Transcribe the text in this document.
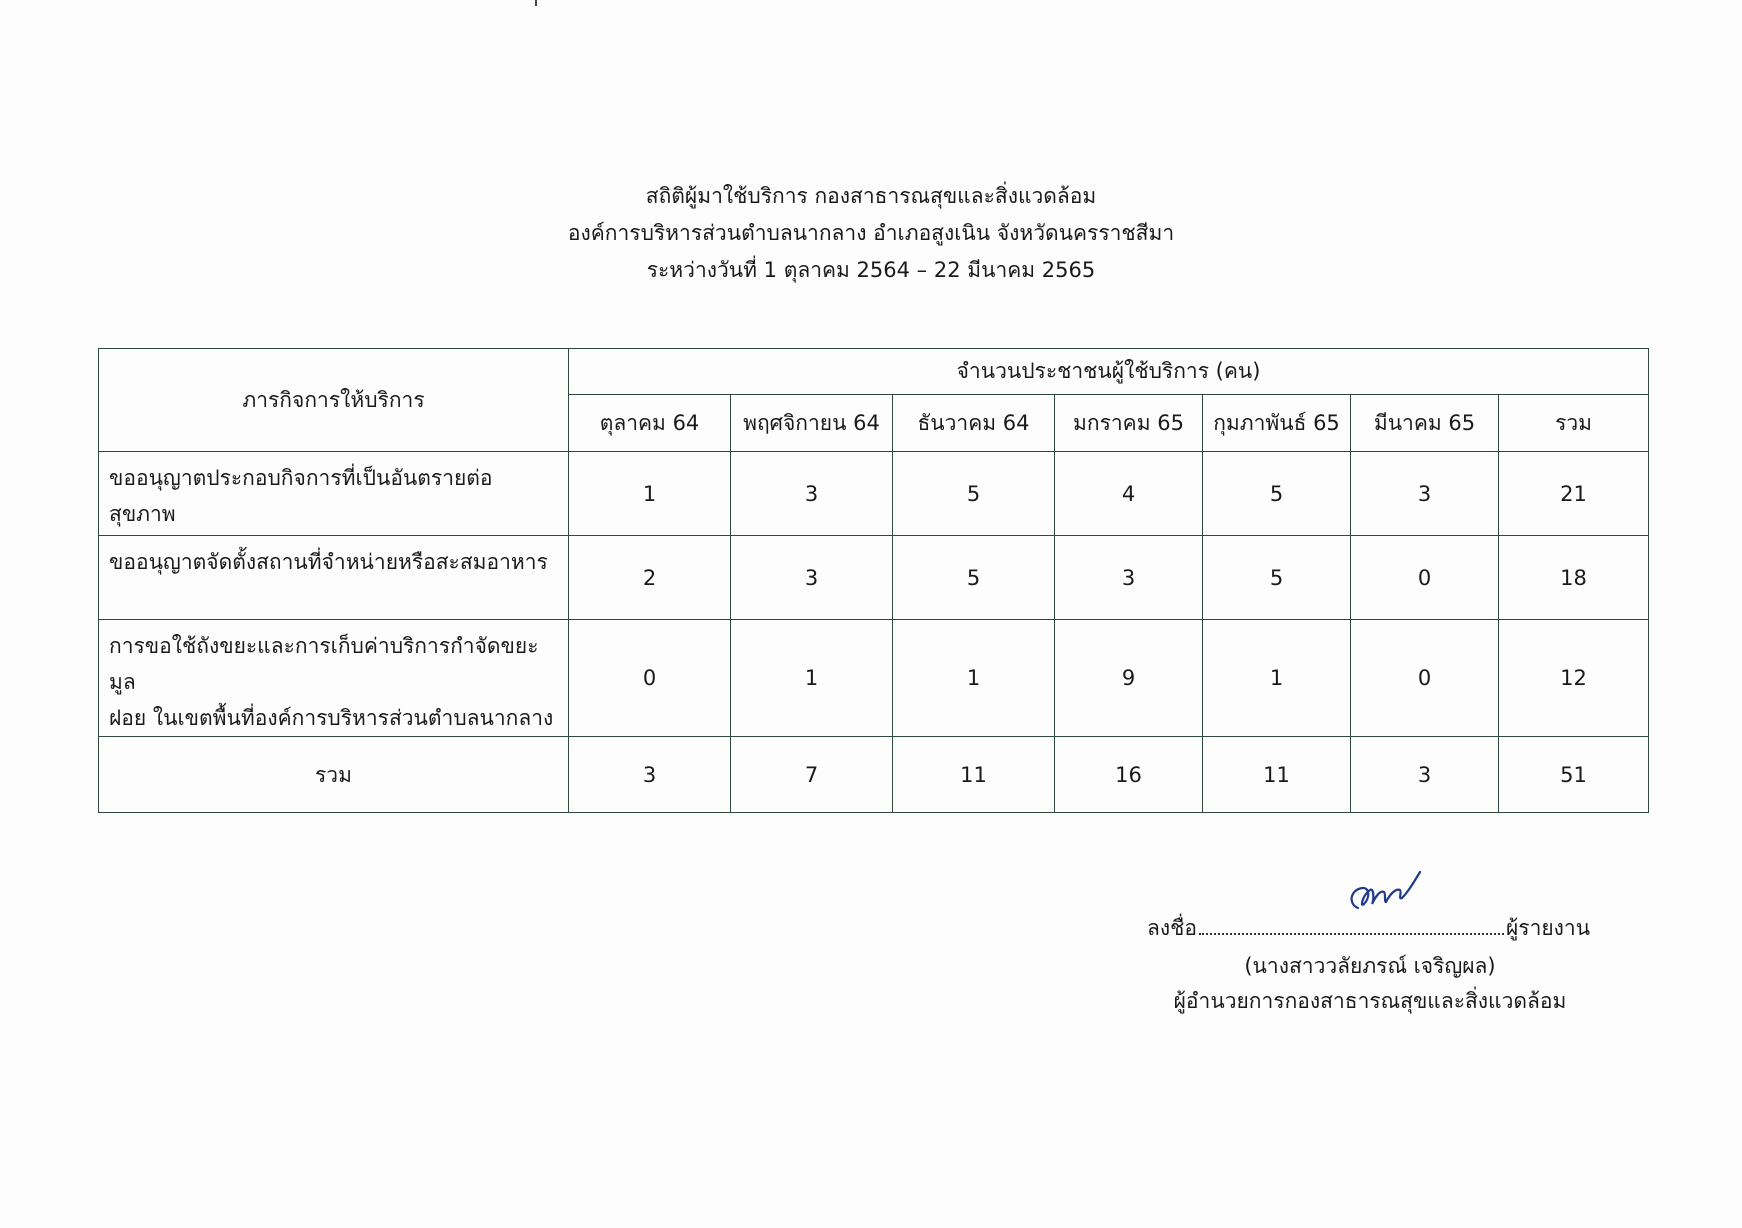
สถิติผู้มาใช้บริการ กองสาธารณสุขและสิ่งแวดล้อม
องค์การบริหารส่วนตำบลนากลาง อำเภอสูงเนิน จังหวัดนครราชสีมา
ระหว่างวันที่ 1 ตุลาคม 2564 – 22 มีนาคม 2565
ภารกิจการให้บริการ	จำนวนประชาชนผู้ใช้บริการ (คน)						
	ตุลาคม 64	พฤศจิกายน 64	ธันวาคม 64	มกราคม 65	กุมภาพันธ์ 65	มีนาคม 65	รวม
ขออนุญาตประกอบกิจการที่เป็นอันตรายต่อสุขภาพ	1	3	5	4	5	3	21
ขออนุญาตจัดตั้งสถานที่จำหน่ายหรือสะสมอาหาร	2	3	5	3	5	0	18

การขอใช้ถังขยะและการเก็บค่าบริการกำจัดขยะมูล
ฝอย ในเขตพื้นที่องค์การบริหารส่วนตำบลนากลาง	0	1	1	9	1	0	12
รวม	3	7	11	16	11	3	51
ลงชื่อ	ผู้รายงาน
(นางสาววลัยภรณ์ เจริญผล)
ผู้อำนวยการกองสาธารณสุขและสิ่งแวดล้อม
